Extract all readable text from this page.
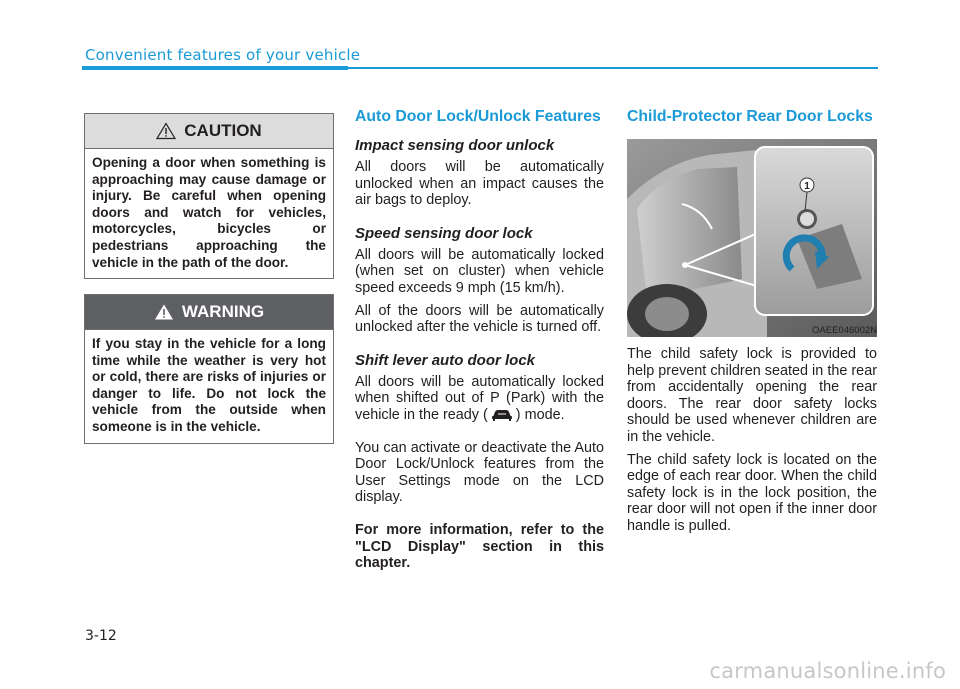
Convenient features of your vehicle
CAUTION
Opening a door when something is approaching may cause damage or injury. Be careful when opening doors and watch for vehicles, motorcycles, bicycles or pedestrians approaching the vehicle in the path of the door.
WARNING
If you stay in the vehicle for a long time while the weather is very hot or cold, there are risks of injuries or danger to life. Do not lock the vehicle from the outside when someone is in the vehicle.
Auto Door Lock/Unlock Features
Impact sensing door unlock

All doors will be automatically unlocked when an impact causes the air bags to deploy.

Speed sensing door lock

All doors will be automatically locked (when set on cluster) when vehicle speed exceeds 9 mph (15 km/h).

All of the doors will be automatically unlocked after the vehicle is turned off.

Shift lever auto door lock

All doors will be automatically locked when shifted out of P (Park) with the vehicle in the ready ( ) mode.

You can activate or deactivate the Auto Door Lock/Unlock features from the User Settings mode on the LCD display.

For more information, refer to the "LCD Display" section in this chapter.

Child-Protector Rear Door Locks
1
OAEE046002N

The child safety lock is provided to help prevent children seated in the rear from accidentally opening the rear doors. The rear door safety locks should be used whenever children are in the vehicle.

The child safety lock is located on the edge of each rear door. When the child safety lock is in the lock position, the rear door will not open if the inner door handle is pulled.

3-12
carmanualsonline.info
